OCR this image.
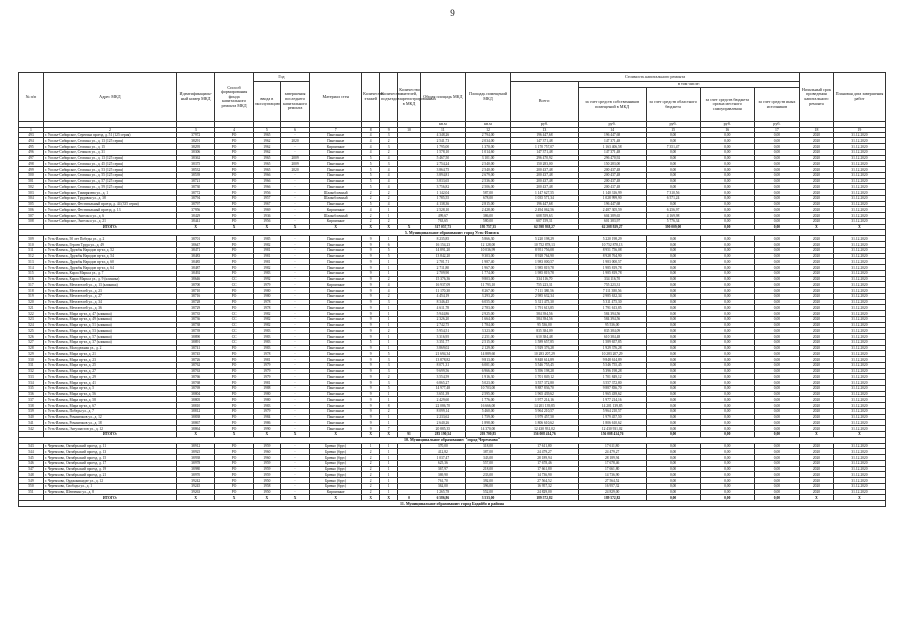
9
№ п/п	Адрес МКД	Идентификацион-ный номер МКД	Способ формирования фонда капитального ремонта МКД	Год		Материал стен	Количество этажей	Количество подъездов	Количество жителей, зарегистрированных в МКД	Общая площадь МКД	Площадь помещений МКД	Стоимость капитального ремонта					Начальный срок проведения капитального ремонта	Плановая дата завершения работ
				ввода в эксплуатацию	завершения последнего капитального ремонта							Всего:	в том числе:					
													за счет средств собственников помещений в МКД	за счет средств областного бюджета	за счет средств бюджета органа местного самоуправления	за счет средств иных источников		
										кв.м	кв.м	руб.	руб.	руб.	руб.	руб.		
1	2	3	4	5	6	7	8	9	10	11	12	13	14	15	16	17	18	19
493	г. Усолье-Сибирское, Серегина проезд, д. 51 (125 серия)	37972	РО	1965	-	Панельные	4	3		4 348,26	2 794,00	196 447,68	196 447,68	0,00	0,00	0,00	2020	31.12.2020
494	г. Усолье-Сибирское, Стопина ул., д. 13 (125 серия)	38291	РО	1962	2020	Панельные	4	2		2 541,73	2 034,00	147 371,48	147 371,48	0,00	0,00	0,00	2020	31.12.2020
495	г. Усолье-Сибирское, Стопина ул., д. 15	38295	РО	1962	-	Кирпичные	4	3		1 795,00	1 370,00	1 170 757,07	1 163 406,58	7 351,47	0,00	0,00	2020	31.12.2020
496	г. Усолье-Сибирское, Сечинов ул., д. 31	38306	РО	1962	-	Панельные	4	2		1 578,10	1 014,60	147 371,48	147 371,48	0,00	0,00	0,00	2020	31.12.2020
497	г. Усолье-Сибирское, Стопина ул., д. 13 (125 серия)	38362	РО	1965	2009	Панельные	5	4		5 467,50	3 101,00	296 470,92	296 470,92	0,00	0,00	0,00	2020	31.12.2020
498	г. Усолье-Сибирское, Стопина ул., д. 45 (125 серия)	38375	РО	1965	2009	Панельные	5	3		2 754,24	2 540,00	150 283,00	150 283,00	0,00	0,00	0,00	2020	31.12.2020
499	г. Усолье-Сибирское, Стопина ул., д. 53 (125 серия)	38532	РО	1965	2020	Панельные	5	4		3 864,75	2 540,00	200 437,48	200 437,48	0,00	0,00	0,00	2020	31.12.2020
500	г. Усолье-Сибирское, Стопина ул., д. 55 (125 серия)	38539	РО	1966	-	Панельные	5	4		3 894,81	2 679,00	200 437,48	200 437,48	0,00	0,00	0,00	2020	31.12.2020
501	г. Усолье-Сибирское, Стопина ул., д. 57 (125 серия)	38721	РО	1966	-	Панельные	5	4		3 833,65	2 536,00	200 437,48	200 437,48	0,00	0,00	0,00	2020	31.12.2020
502	г. Усолье-Сибирское, Стопина ул., д. 59 (125 серия)	38730	РО	1966	-	Панельные	5	4		3 756,82	2 506,00	200 437,48	200 437,48	0,00	0,00	0,00	2020	31.12.2020
503	г. Усолье-Сибирское, Тимирязева ул., д. 1	38772	РО	1956	-	Шлакоблочный	2	2		1 142,04	587,00	1 147 627,55	1 140 316,99	7 310,56	0,00	0,00	2020	31.12.2020
504	г. Усолье-Сибирское, Трудовая ул., д. 38	38794	РО	1957	-	Шлакоблочный	2	2		1 785,55	678,00	1 035 571,34	1 028 999,90	6 571,24	0,00	0,00	2020	31.12.2020
505	г. Усолье-Сибирское, Фестивальный проезд, д. 44 (335 серия)	38797	РО	1967	-	Панельные	5	4		4 138,36	2 815,00	196 447,68	196 447,68	0,00	0,00	0,00	2020	31.12.2020
506	г. Усолье-Сибирское, Фестивальный проезд, д. 13	37956	РО	1969	-	Кирпичные	4	1		2 528,10	2 428,00	2 494 062,56	2 487 305,59	6 256,97	0,00	0,00	2020	31.12.2020
507	г. Усолье-Сибирское, Энгельса ул., д. 6	38429	РО	1936	-	Шлакоблочный	2	1		499,67	386,00	608 559,63	604 389,65	4 169,98	0,00	0,00	2020	31.12.2020
508	г. Усолье-Сибирское, Энгельса ул., д. 21	38441	РО	1956	-	Кирпичные	2	2		763,65	580,00	607 159,31	601 383,97	5 776,34	0,00	0,00	2020	31.12.2020
	ИТОГО:	X	X	X	X	X	X	X	X	317 057,73	195 757,35	62 598 938,27	62 208 929,27	390 009,00	0,00	0,00	X	X
5. Муниципальное образование: город Усть-Илимск																		
509	г. Усть-Илимск, 50 лет Победы ул., д. 2	38701	РО	1985	-	Панельные	9	1		8 235,85	5 866,30	5 220 198,29	5 220 198,29	0,00	0,00	0,00	2020	31.12.2020
510	г. Усть-Илимск, Героев Труда ул., д. 49	38647	РО	1982	-	Панельные	9	6		16 154,23	12 128,00	10 752 878,13	10 752 878,13	0,00	0,00	0,00	2020	31.12.2020
511	г. Усть-Илимск, Дружбы Народов пр-кт, д. 52	38471	РО	1981	-	Панельные	9	5		14 891,20	10 036,99	8 951 756,08	8 951 756,08	0,00	0,00	0,00	2020	31.12.2020
512	г. Усть-Илимск, Дружбы Народов пр-кт, д. 54	38483	РО	1981	-	Панельные	9	5		13 842,20	9 303,00	8 928 764,90	8 928 764,90	0,00	0,00	0,00	2020	31.12.2020
513	г. Усть-Илимск, Дружбы Народов пр-кт, д. 60	38485	РО	1981	-	Панельные	9	1		2 701,71	1 987,40	1 983 000,57	1 983 000,57	0,00	0,00	0,00	2020	31.12.2020
514	г. Усть-Илимск, Дружбы Народов пр-кт, д. 64	38487	РО	1982	-	Панельные	9	1		2 711,80	1 967,00	1 985 819,78	1 985 819,78	0,00	0,00	0,00	2020	31.12.2020
515	г. Усть-Илимск, Карла Маркса ул., д. 7	38492	РО	1983	-	Панельные	9	1		2 709,90	1 774,00	1 985 819,78	1 985 819,78	0,00	0,00	0,00	2020	31.12.2020
516	г. Усть-Илимск, Карла Маркса ул., д. 9 (клиника)	38646	СС	1992	-	Панельные	9	2		15 376,36	9 803,00	334 116,70	334 116,70	0,00	0,00	0,00	2020	31.12.2020
517	г. Усть-Илимск, Мечтателей ул., д. 13 (клиника)	38700	СС	1979	-	Кирпичные	9	4		16 937,09	11 793,10	755 223,31	755 223,31	0,00	0,00	0,00	2020	31.12.2020
518	г. Усть-Илимск, Мечтателей ул., д. 23	38710	РО	1980	-	Панельные	9	4		11 170,30	8 267,00	7 111 380,56	7 111 380,56	0,00	0,00	0,00	2020	31.12.2020
519	г. Усть-Илимск, Мечтателей ул., д. 27	38716	РО	1980	-	Панельные	9	2		4 454,19	3 293,20	2 985 632,34	2 985 632,34	0,00	0,00	0,00	2020	31.12.2020
520	г. Усть-Илимск, Мечтателей ул., д. 34	38728	РО	1978	-	Панельные	9	3		8 346,45	6 055,00	5 311 475,30	5 311 475,30	0,00	0,00	0,00	2020	31.12.2020
521	г. Усть-Илимск, Мечтателей ул., д. 36	38729	РО	1978	-	Панельные	9	1		4 611,78	2 783,00	1 791 613,85	1 791 613,85	0,00	0,00	0,00	2020	31.12.2020
522	г. Усть-Илимск, Мира пр-кт, д. 47 (клиника)	38735	СС	1982	-	Панельные	9	1		5 944,86	2 925,00	584 394,56	584 394,56	0,00	0,00	0,00	2020	31.12.2020
523	г. Усть-Илимск, Мира пр-кт, д. 49 (клиника)	38736	СС	1982	-	Панельные	9	1		2 326,20	1 664,00	584 394,56	584 394,56	0,00	0,00	0,00	2020	31.12.2020
524	г. Усть-Илимск, Мира пр-кт, д. 51 (клиника)	38738	СС	1982	-	Панельные	9	1		2 742,75	1 784,00	95 536,00	95 536,00	0,00	0,00	0,00	2020	31.12.2020
525	г. Усть-Илимск, Мира пр-кт, д. 53 (клиника)	38739	СС	1983	-	Панельные	9	2		5 954,51	3 323,00	835 384,09	835 384,09	0,00	0,00	0,00	2020	31.12.2020
526	г. Усть-Илимск, Мира пр-кт, д. 57 (клиника)	38890	СС	1983	-	Панельные	9	1		3 316,95	2 251,00	610 384,48	610 384,48	0,00	0,00	0,00	2020	31.12.2020
527	г. Усть-Илимск, Мира пр-кт, д. 37 (клиника)	38891	СС	1983	-	Панельные	5	1		3 351,77	2 515,00	1 589 657,85	1 589 657,85	0,00	0,00	0,00	2020	31.12.2020
528	г. Усть-Илимск, Молодежная ул., д. 2	38741	РО	1983	-	Панельные	9	1		3 869,02	2 129,00	1 929 376,28	1 929 376,28	0,00	0,00	0,00	2020	31.12.2020
529	г. Усть-Илимск, Мира пр-кт, д. 21	38745	РО	1978	-	Панельные	9	5		21 694,34	14 889,60	10 283 207,29	10 283 207,29	0,00	0,00	0,00	2020	31.12.2020
530	г. Усть-Илимск, Мира пр-кт, д. 23	38726	РО	1981	-	Панельные	9	3		13 878,82	9 813,00	9 848 614,89	9 848 614,89	0,00	0,00	0,00	2020	31.12.2020
531	г. Усть-Илимск, Мира пр-кт, д. 25	38762	РО	1979	-	Панельные	9	3		8 071,31	6 001,00	5 546 755,45	5 546 755,45	0,00	0,00	0,00	2020	31.12.2020
532	г. Усть-Илимск, Мира пр-кт, д. 27	38763	РО	1979	-	Панельные	9	3		9 699,56	6 966,00	5 396 198,28	5 396 198,28	0,00	0,00	0,00	2020	31.12.2020
533	г. Усть-Илимск, Мира пр-кт, д. 29	38766	РО	1979	-	Панельные	9	2		3 554,59	1 916,30	1 701 849,12	1 701 849,12	0,00	0,00	0,00	2020	31.12.2020
534	г. Усть-Илимск, Мира пр-кт, д. 41	38768	РО	1981	-	Панельные	9	3		6 865,27	5 023,00	3 557 372,80	3 557 372,80	0,00	0,00	0,00	2020	31.12.2020
535	г. Усть-Илимск, Мира пр-кт, д. 5	38769	РО	1988	-	Панельные	9	5		14 977,48	10 703,00	9 887 836,70	9 887 836,70	0,00	0,00	0,00	2020	31.12.2020
536	г. Усть-Илимск, Мира пр-кт, д. 56	38804	РО	1980	-	Панельные	9	1		3 651,39	2 595,00	1 965 439,62	1 965 439,62	0,00	0,00	0,00	2020	31.12.2020
537	г. Усть-Илимск, Мира пр-кт, д. 58	38805	РО	1980	-	Панельные	9	1		2 429,60	1 776,00	1 977 214,16	1 977 214,16	0,00	0,00	0,00	2020	31.12.2020
538	г. Усть-Илимск, Мира пр-кт, д. 67	38810	РО	1983	-	Панельные	9	8		22 086,70	16 666,00	14 201 139,85	14 201 139,85	0,00	0,00	0,00	2020	31.12.2020
539	г. Усть-Илимск, Победы ул., д. 7	38812	РО	1979	-	Панельные	9	2		8 099,14	5 460,00	5 964 210,57	5 964 210,57	0,00	0,00	0,00	2020	31.12.2020
540	г. Усть-Илимск, Романтиков ул., д. 12	38838	РО	1984	-	Панельные	9	1		2 233,62	1 759,00	1 979 457,50	1 979 457,50	0,00	0,00	0,00	2020	31.12.2020
541	г. Усть-Илимск, Романтиков ул., д. 18	38867	РО	1986	-	Панельные	9	1		2 640,26	1 898,00	1 806 610,62	1 806 610,62	0,00	0,00	0,00	2020	31.12.2020
542	г. Усть-Илимск, Энтузиастов ул., д. 12	38864	РО	1990	-	Панельные	9	7		20 885,35	14 370,00	12 430 931,02	12 430 931,02	0,00	0,00	0,00	2020	31.12.2020
	ИТОГО:	X	X	X	X	X	X	X	91	283 190,54	203 700,85	156 008 414,76	156 008 414,76	0,00	0,00	0,00	X	X
10. Муниципальное образование: "город Черемхово"																		
543	г. Черемхово, Октябрьский проезд, д. 11	38912	РО	1959	-	Бревно (брус)	1	1		370,00	318,00	17 611,80	17 611,80	0,00	0,00	0,00	2020	31.12.2020
544	г. Черемхово, Октябрьский проезд, д. 13	38925	РО	1960	-	Бревно (брус)	2	1		412,82	387,00	24 479,27	24 479,27	0,00	0,00	0,00	2020	31.12.2020
545	г. Черемхово, Октябрьский проезд, д. 15	38938	РО	1960	-	Бревно (брус)	2	1		1 037,47	343,00	28 189,94	28 189,94	0,00	0,00	0,00	2020	31.12.2020
546	г. Черемхово, Октябрьский проезд, д. 17	38978	РО	1959	-	Бревно (брус)	2	1		625,36	557,00	17 678,46	17 678,46	0,00	0,00	0,00	2020	31.12.2020
547	г. Черемхово, Октябрьский проезд, д. 19	38980	РО	1959	-	Бревно (брус)	2	1		367,97	218,00	17 661,80	17 661,80	0,00	0,00	0,00	2020	31.12.2020
548	г. Черемхово, Октябрьский проезд, д. 21	38970	РО	1959	-	Бревно (брус)	2	1		369,90	233,00	14 736,90	14 736,90	0,00	0,00	0,00	2020	31.12.2020
549	г. Черемхово, Орджоникидзе ул., д. 12	39242	РО	1950	-	Бревно (брус)	2	1		761,70	392,00	27 564,52	27 564,52	0,00	0,00	0,00	2020	31.12.2020
550	г. Черемхово, Свободы ул., д. 1	39245	РО	1958	-	Бревно (брус)	2	1		362,00	396,00	16 957,32	16 957,32	0,00	0,00	0,00	2020	31.12.2020
551	г. Черемхово, Шевченко ул., д. 8	39263	РО	1950	-	Кирпичные	2	1		1 265,78	552,00	24 829,00	24 829,00	0,00	0,00	0,00	2020	31.12.2020
	ИТОГО:	X	X	X	X	X	X	X	0	6 586,86	3 533,00	189 572,82	189 572,82	0,00	0,00	0,00	X	X
11. Муниципальное образование: город Бодайбо и района																		
